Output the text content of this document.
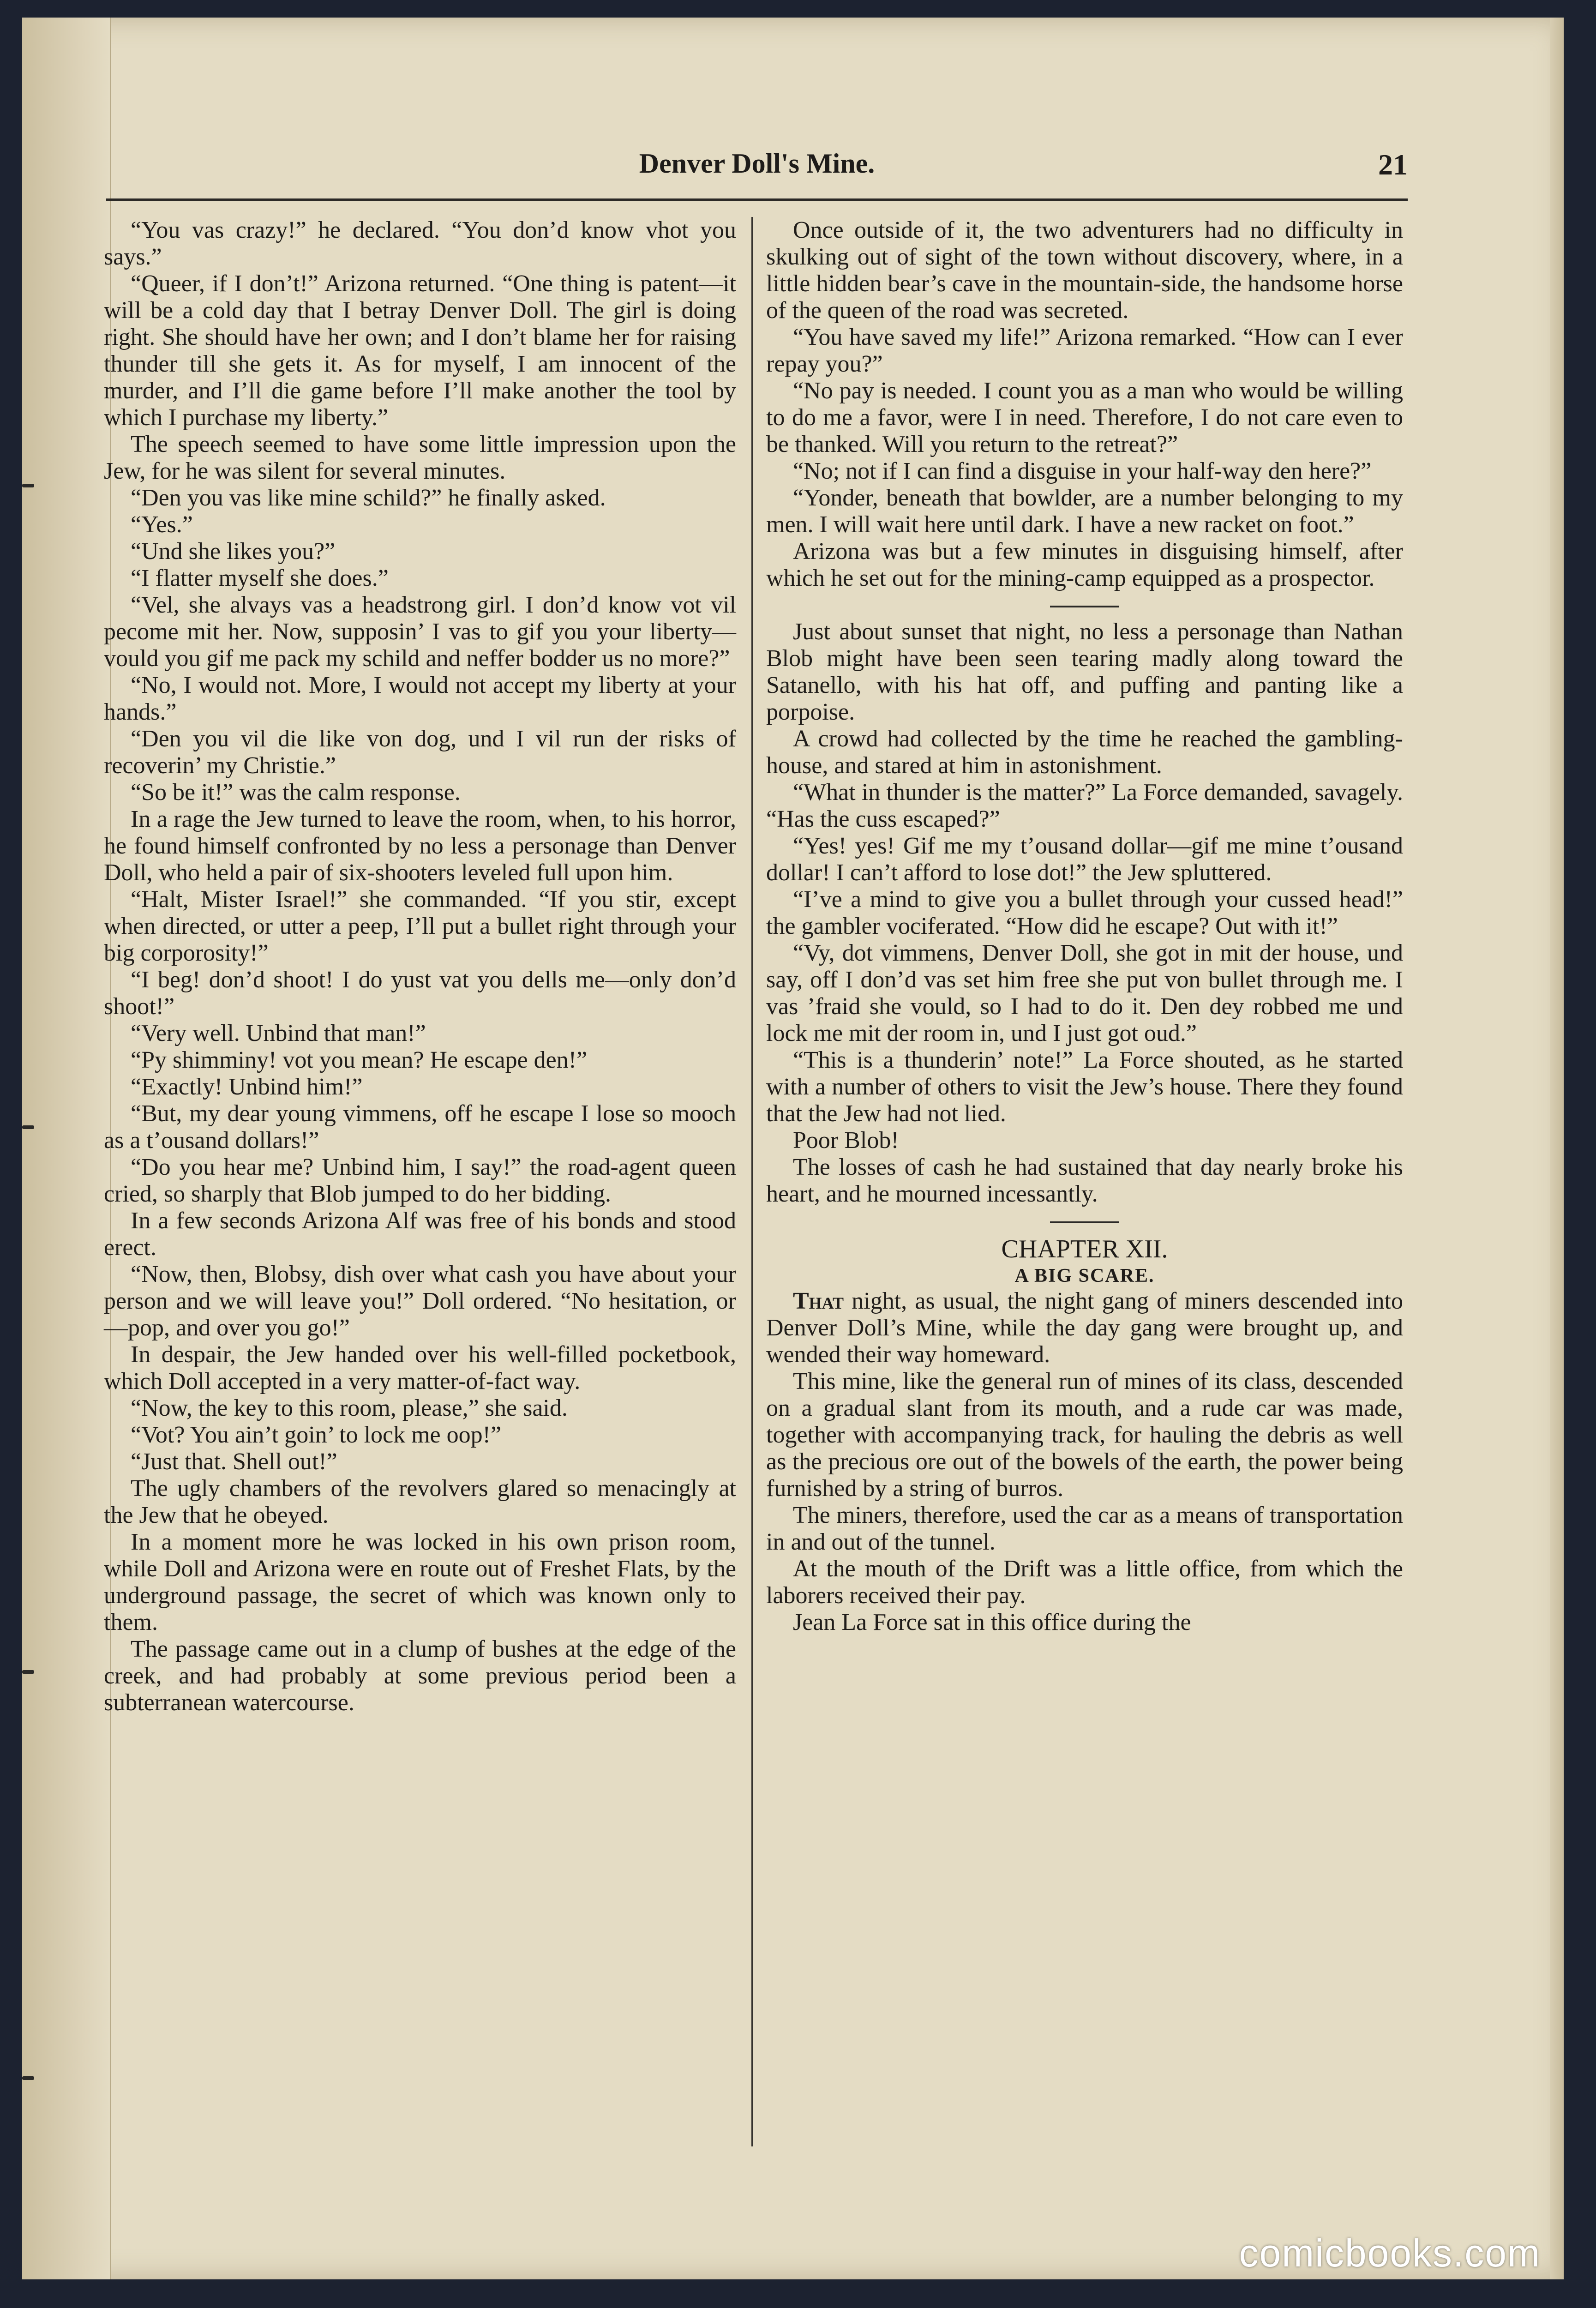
Denver Doll's Mine.	21

“You vas crazy!” he declared. “You don’d know vhot you says.”

“Queer, if I don’t!” Arizona returned. “One thing is patent—it will be a cold day that I betray Denver Doll. The girl is doing right. She should have her own; and I don’t blame her for raising thunder till she gets it. As for myself, I am innocent of the murder, and I’ll die game before I’ll make another the tool by which I purchase my liberty.”

The speech seemed to have some little impression upon the Jew, for he was silent for several minutes.

“Den you vas like mine schild?” he finally asked.

“Yes.”

“Und she likes you?”

“I flatter myself she does.”

“Vel, she alvays vas a headstrong girl. I don’d know vot vil pecome mit her. Now, supposin’ I vas to gif you your liberty—vould you gif me pack my schild and neffer bodder us no more?”

“No, I would not. More, I would not accept my liberty at your hands.”

“Den you vil die like von dog, und I vil run der risks of recoverin’ my Christie.”

“So be it!” was the calm response.

In a rage the Jew turned to leave the room, when, to his horror, he found himself confronted by no less a personage than Denver Doll, who held a pair of six-shooters leveled full upon him.

“Halt, Mister Israel!” she commanded. “If you stir, except when directed, or utter a peep, I’ll put a bullet right through your big corporosity!”

“I beg! don’d shoot! I do yust vat you dells me—only don’d shoot!”

“Very well. Unbind that man!”

“Py shimminy! vot you mean? He escape den!”

“Exactly! Unbind him!”

“But, my dear young vimmens, off he escape I lose so mooch as a t’ousand dollars!”

“Do you hear me? Unbind him, I say!” the road-agent queen cried, so sharply that Blob jumped to do her bidding.

In a few seconds Arizona Alf was free of his bonds and stood erect.

“Now, then, Blobsy, dish over what cash you have about your person and we will leave you!” Doll ordered. “No hesitation, or—pop, and over you go!”

In despair, the Jew handed over his well-filled pocketbook, which Doll accepted in a very matter-of-fact way.

“Now, the key to this room, please,” she said.

“Vot? You ain’t goin’ to lock me oop!”

“Just that. Shell out!”

The ugly chambers of the revolvers glared so menacingly at the Jew that he obeyed.

In a moment more he was locked in his own prison room, while Doll and Arizona were en route out of Freshet Flats, by the underground passage, the secret of which was known only to them.

The passage came out in a clump of bushes at the edge of the creek, and had probably at some previous period been a subterranean watercourse.

Once outside of it, the two adventurers had no difficulty in skulking out of sight of the town without discovery, where, in a little hidden bear’s cave in the mountain-side, the handsome horse of the queen of the road was secreted.

“You have saved my life!” Arizona remarked. “How can I ever repay you?”

“No pay is needed. I count you as a man who would be willing to do me a favor, were I in need. Therefore, I do not care even to be thanked. Will you return to the retreat?”

“No; not if I can find a disguise in your half-way den here?”

“Yonder, beneath that bowlder, are a number belonging to my men. I will wait here until dark. I have a new racket on foot.”

Arizona was but a few minutes in disguising himself, after which he set out for the mining-camp equipped as a prospector.

Just about sunset that night, no less a personage than Nathan Blob might have been seen tearing madly along toward the Satanello, with his hat off, and puffing and panting like a porpoise.

A crowd had collected by the time he reached the gambling-house, and stared at him in astonishment.

“What in thunder is the matter?” La Force demanded, savagely. “Has the cuss escaped?”

“Yes! yes! Gif me my t’ousand dollar—gif me mine t’ousand dollar! I can’t afford to lose dot!” the Jew spluttered.

“I’ve a mind to give you a bullet through your cussed head!” the gambler vociferated. “How did he escape? Out with it!”

“Vy, dot vimmens, Denver Doll, she got in mit der house, und say, off I don’d vas set him free she put von bullet through me. I vas ’fraid she vould, so I had to do it. Den dey robbed me und lock me mit der room in, und I just got oud.”

“This is a thunderin’ note!” La Force shouted, as he started with a number of others to visit the Jew’s house. There they found that the Jew had not lied.

Poor Blob!

The losses of cash he had sustained that day nearly broke his heart, and he mourned incessantly.

CHAPTER XII.

A BIG SCARE.

That night, as usual, the night gang of miners descended into Denver Doll’s Mine, while the day gang were brought up, and wended their way homeward.

This mine, like the general run of mines of its class, descended on a gradual slant from its mouth, and a rude car was made, together with accompanying track, for hauling the debris as well as the precious ore out of the bowels of the earth, the power being furnished by a string of burros.

The miners, therefore, used the car as a means of transportation in and out of the tunnel.

At the mouth of the Drift was a little office, from which the laborers received their pay.

Jean La Force sat in this office during the

comicbooks.com
